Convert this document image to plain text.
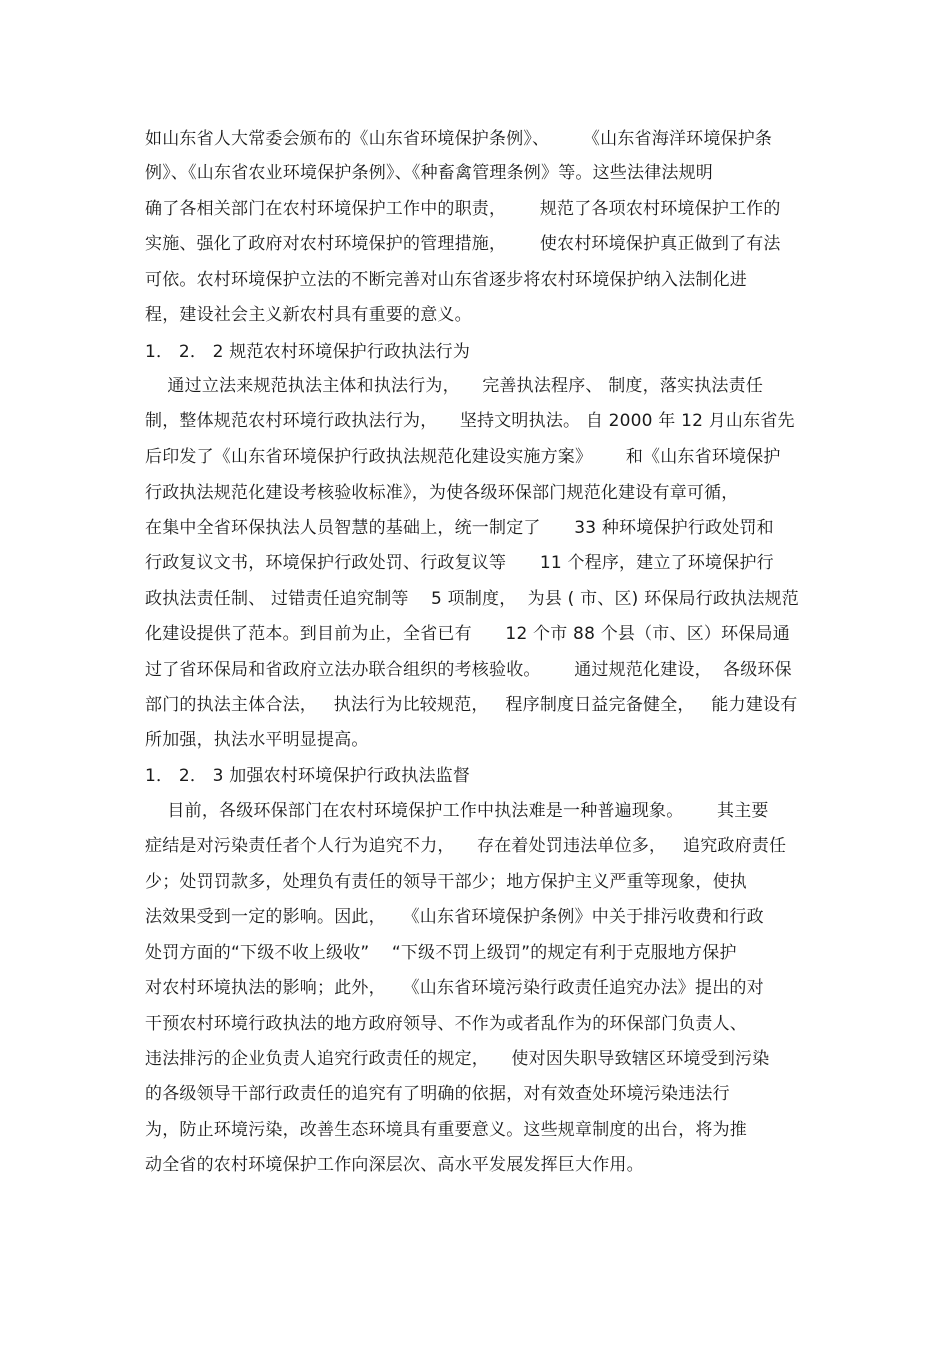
如山东省人大常委会颁布的《山东省环境保护条例》、      《山东省海洋环境保护条
例》、《山东省农业环境保护条例》、《种畜禽管理条例》等。这些法律法规明
确了各相关部门在农村环境保护工作中的职责，      规范了各项农村环境保护工作的
实施、强化了政府对农村环境保护的管理措施，      使农村环境保护真正做到了有法
可依。农村环境保护立法的不断完善对山东省逐步将农村环境保护纳入法制化进
程，建设社会主义新农村具有重要的意义。
1． 2． 2 规范农村环境保护行政执法行为
通过立法来规范执法主体和执法行为，    完善执法程序、 制度，落实执法责任
制，整体规范农村环境行政执法行为，    坚持文明执法。 自 2000 年 12 月山东省先
后印发了《山东省环境保护行政执法规范化建设实施方案》      和《山东省环境保护
行政执法规范化建设考核验收标准》，为使各级环保部门规范化建设有章可循，
在集中全省环保执法人员智慧的基础上，统一制定了      33 种环境保护行政处罚和
行政复议文书，环境保护行政处罚、行政复议等      11 个程序，建立了环境保护行
政执法责任制、 过错责任追究制等    5 项制度，  为县 ( 市、区) 环保局行政执法规范
化建设提供了范本。到目前为止，全省已有      12 个市 88 个县（市、区）环保局通
过了省环保局和省政府立法办联合组织的考核验收。      通过规范化建设，  各级环保
部门的执法主体合法，   执法行为比较规范，   程序制度日益完备健全，   能力建设有
所加强，执法水平明显提高。
1． 2． 3 加强农村环境保护行政执法监督
目前，各级环保部门在农村环境保护工作中执法难是一种普遍现象。      其主要
症结是对污染责任者个人行为追究不力，    存在着处罚违法单位多，   追究政府责任
少；处罚罚款多，处理负有责任的领导干部少；地方保护主义严重等现象，使执
法效果受到一定的影响。因此，   《山东省环境保护条例》中关于排污收费和行政
处罚方面的“下级不收上级收”    “下级不罚上级罚”的规定有利于克服地方保护
对农村环境执法的影响；此外，   《山东省环境污染行政责任追究办法》提出的对
干预农村环境行政执法的地方政府领导、不作为或者乱作为的环保部门负责人、
违法排污的企业负责人追究行政责任的规定，    使对因失职导致辖区环境受到污染
的各级领导干部行政责任的追究有了明确的依据，对有效查处环境污染违法行
为，防止环境污染，改善生态环境具有重要意义。这些规章制度的出台，将为推
动全省的农村环境保护工作向深层次、高水平发展发挥巨大作用。
